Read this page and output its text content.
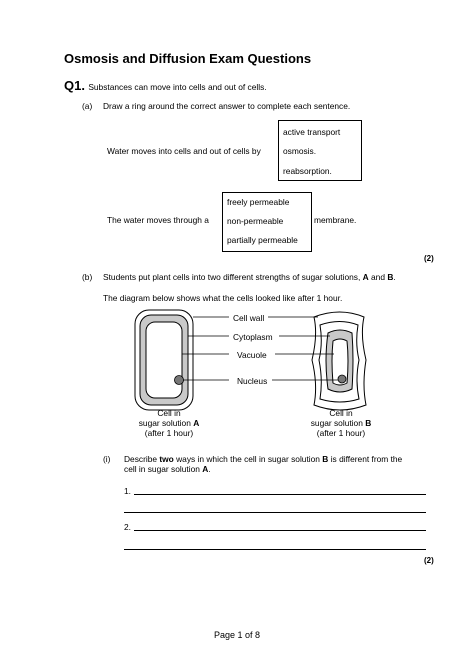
Osmosis and Diffusion Exam Questions
Q1. Substances can move into cells and out of cells.
(a) Draw a ring around the correct answer to complete each sentence.
Water moves into cells and out of cells by
active transport
osmosis.
reabsorption.
The water moves through a
freely permeable
non-permeable
partially permeable
membrane.
(2)
(b) Students put plant cells into two different strengths of sugar solutions, A and B.
The diagram below shows what the cells looked like after 1 hour.
Cell wall
Cytoplasm
Vacuole
Nucleus
Cell in
sugar solution A
(after 1 hour)
Cell in
sugar solution B
(after 1 hour)
(i) Describe two ways in which the cell in sugar solution B is different from the
cell in sugar solution A.
1.
2.
(2)
Page 1 of 8
